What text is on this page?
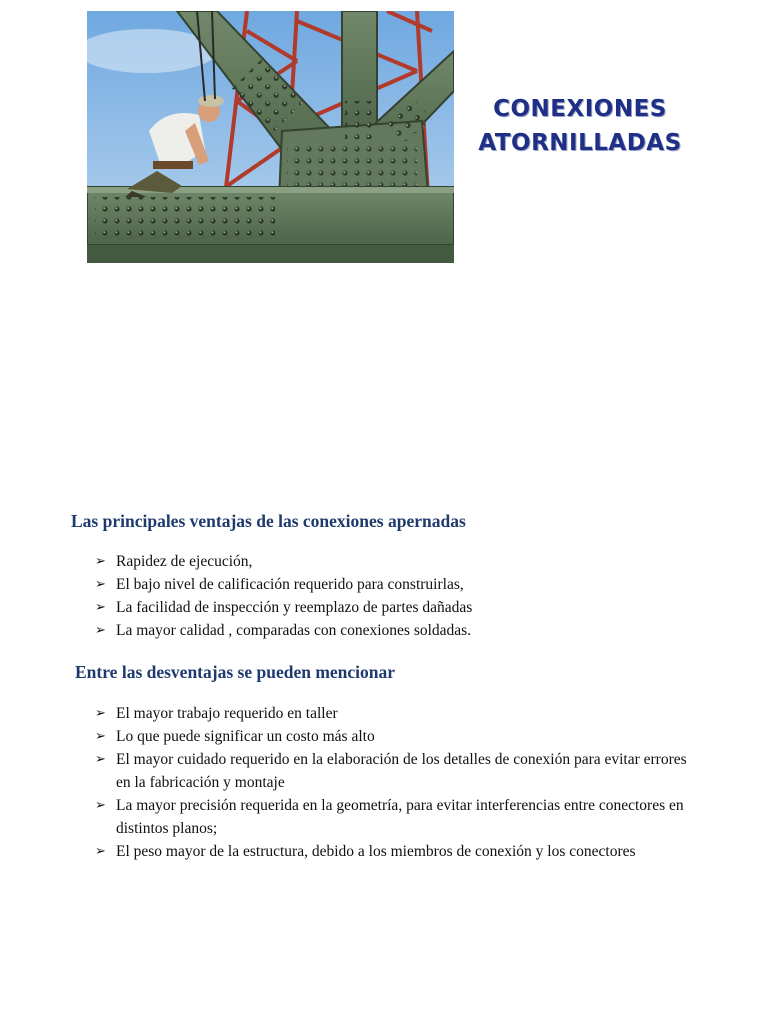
CONEXIONES
ATORNILLADAS
Las principales ventajas de las conexiones apernadas
➢ Rapidez de ejecución,
➢ El bajo nivel de calificación requerido para construirlas,
➢ La facilidad de inspección y reemplazo de partes dañadas
➢ La mayor calidad , comparadas con conexiones soldadas.
Entre las desventajas se pueden mencionar
➢ El mayor trabajo requerido en taller
➢ Lo que puede significar un costo más alto
➢ El mayor cuidado requerido en la elaboración de los detalles de conexión para evitar errores en la fabricación y montaje
➢ La mayor precisión requerida en la geometría, para evitar interferencias entre conectores en distintos planos;
➢ El peso mayor de la estructura, debido a los miembros de conexión y los conectores
